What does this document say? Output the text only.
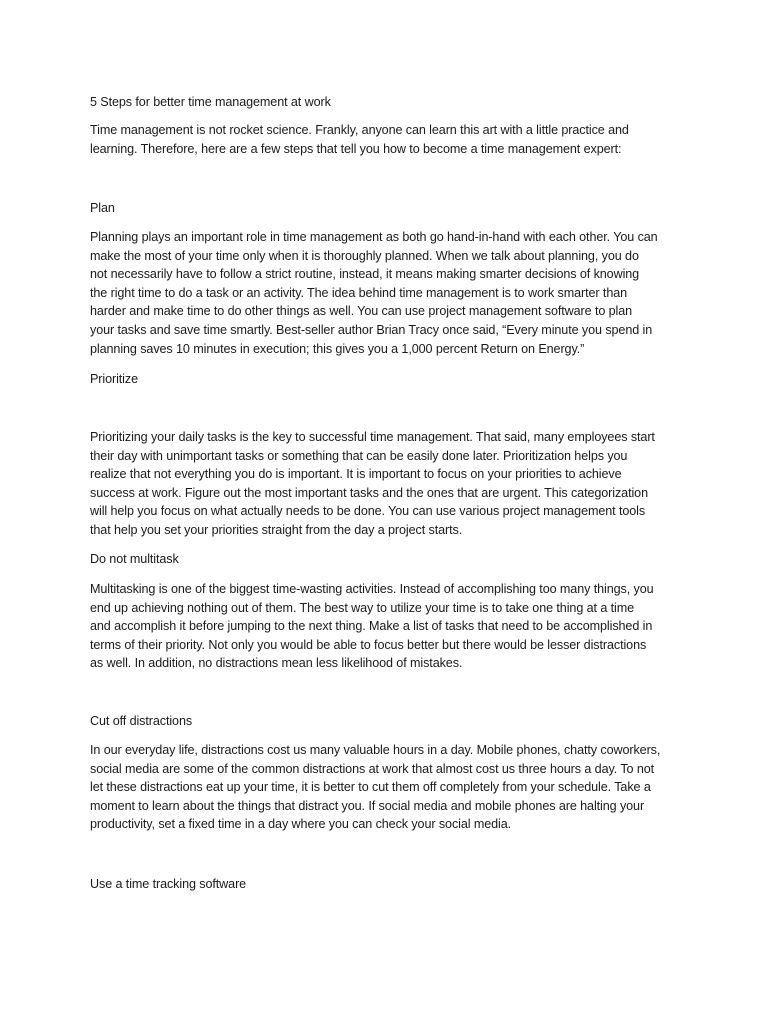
5 Steps for better time management at work
Time management is not rocket science. Frankly, anyone can learn this art with a little practice and
learning. Therefore, here are a few steps that tell you how to become a time management expert:
Plan
Planning plays an important role in time management as both go hand-in-hand with each other. You can
make the most of your time only when it is thoroughly planned. When we talk about planning, you do
not necessarily have to follow a strict routine, instead, it means making smarter decisions of knowing
the right time to do a task or an activity. The idea behind time management is to work smarter than
harder and make time to do other things as well. You can use project management software to plan
your tasks and save time smartly. Best-seller author Brian Tracy once said, “Every minute you spend in
planning saves 10 minutes in execution; this gives you a 1,000 percent Return on Energy.”
Prioritize
Prioritizing your daily tasks is the key to successful time management. That said, many employees start
their day with unimportant tasks or something that can be easily done later. Prioritization helps you
realize that not everything you do is important. It is important to focus on your priorities to achieve
success at work. Figure out the most important tasks and the ones that are urgent. This categorization
will help you focus on what actually needs to be done. You can use various project management tools
that help you set your priorities straight from the day a project starts.
Do not multitask
Multitasking is one of the biggest time-wasting activities. Instead of accomplishing too many things, you
end up achieving nothing out of them. The best way to utilize your time is to take one thing at a time
and accomplish it before jumping to the next thing. Make a list of tasks that need to be accomplished in
terms of their priority. Not only you would be able to focus better but there would be lesser distractions
as well. In addition, no distractions mean less likelihood of mistakes.
Cut off distractions
In our everyday life, distractions cost us many valuable hours in a day. Mobile phones, chatty coworkers,
social media are some of the common distractions at work that almost cost us three hours a day. To not
let these distractions eat up your time, it is better to cut them off completely from your schedule. Take a
moment to learn about the things that distract you. If social media and mobile phones are halting your
productivity, set a fixed time in a day where you can check your social media.
Use a time tracking software
